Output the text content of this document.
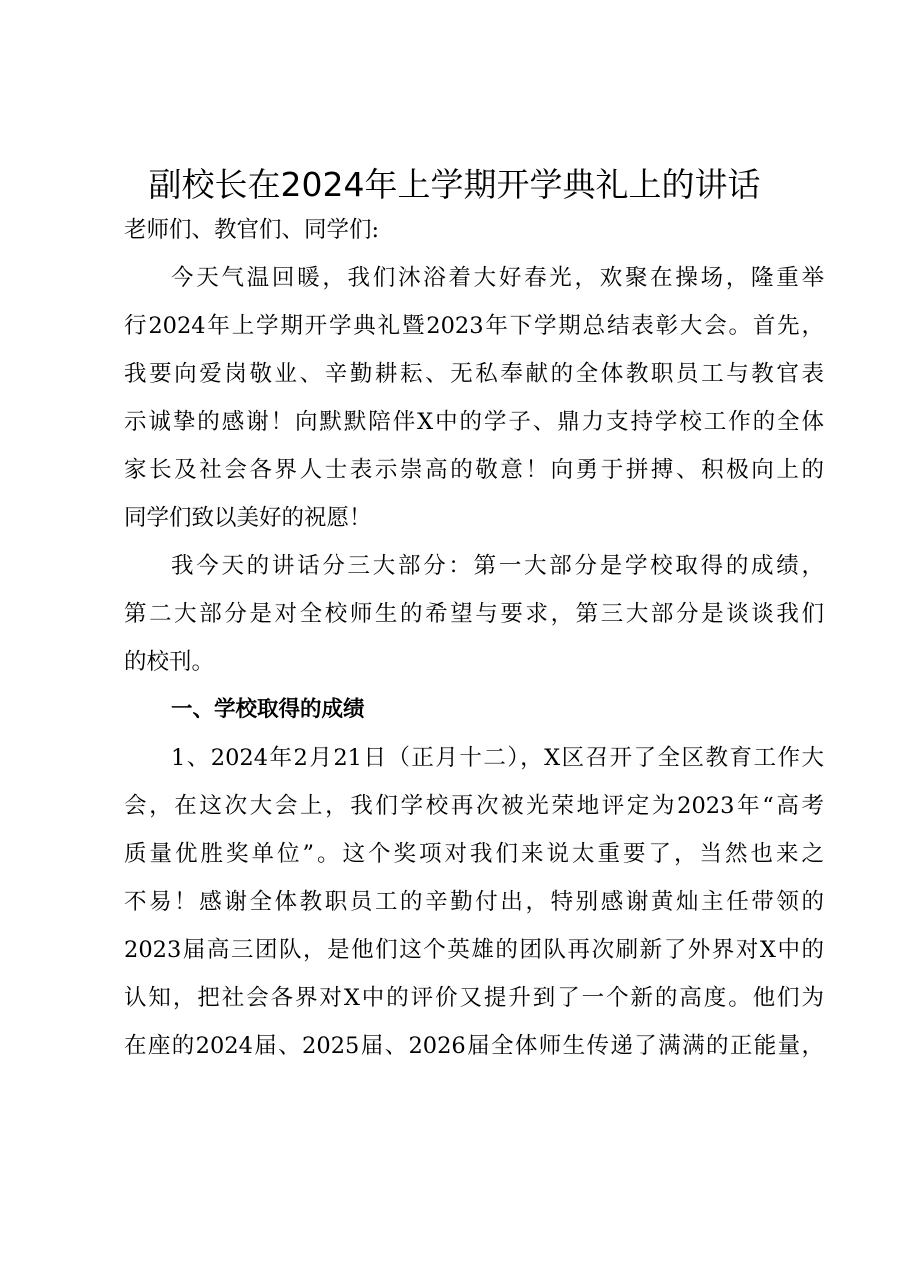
副校长在2024年上学期开学典礼上的讲话
老师们、教官们、同学们:
今天气温回暖，我们沐浴着大好春光，欢聚在操场，隆重举
行2024年上学期开学典礼暨2023年下学期总结表彰大会。首先，
我要向爱岗敬业、辛勤耕耘、无私奉献的全体教职员工与教官表
示诚挚的感谢！向默默陪伴X中的学子、鼎力支持学校工作的全体
家长及社会各界人士表示崇高的敬意！向勇于拼搏、积极向上的
同学们致以美好的祝愿！
我今天的讲话分三大部分：第一大部分是学校取得的成绩，
第二大部分是对全校师生的希望与要求，第三大部分是谈谈我们
的校刊。
一、学校取得的成绩
1、2024年2月21日（正月十二），X区召开了全区教育工作大
会，在这次大会上，我们学校再次被光荣地评定为2023年“高考
质量优胜奖单位”。这个奖项对我们来说太重要了，当然也来之
不易！感谢全体教职员工的辛勤付出，特别感谢黄灿主任带领的
2023届高三团队，是他们这个英雄的团队再次刷新了外界对X中的
认知，把社会各界对X中的评价又提升到了一个新的高度。他们为
在座的2024届、2025届、2026届全体师生传递了满满的正能量，
